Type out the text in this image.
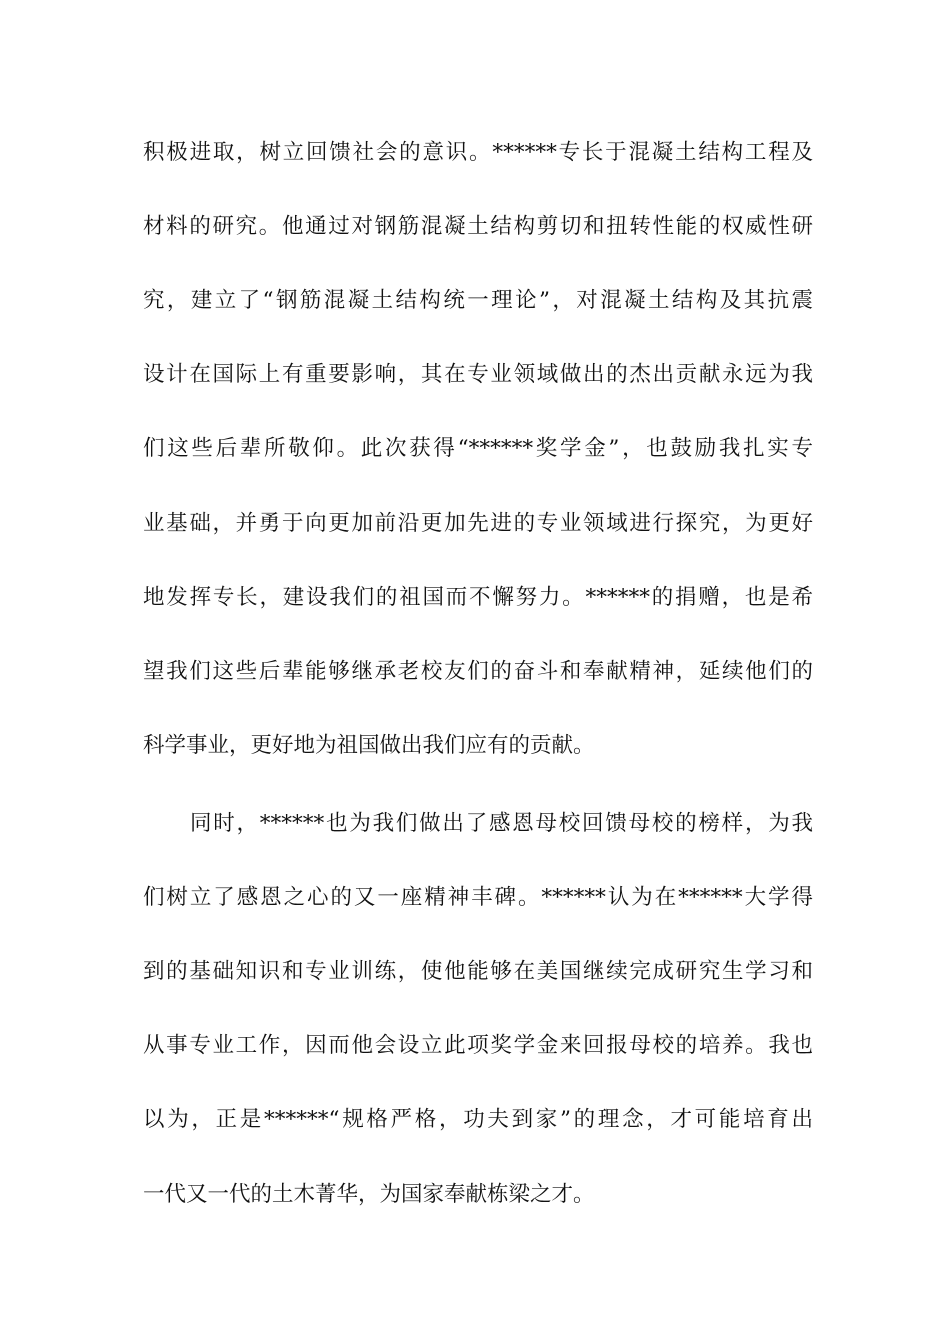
积极进取，树立回馈社会的意识。******专长于混凝土结构工程及
材料的研究。他通过对钢筋混凝土结构剪切和扭转性能的权威性研
究，建立了“钢筋混凝土结构统一理论”，对混凝土结构及其抗震
设计在国际上有重要影响，其在专业领域做出的杰出贡献永远为我
们这些后辈所敬仰。此次获得“******奖学金”，也鼓励我扎实专
业基础，并勇于向更加前沿更加先进的专业领域进行探究，为更好
地发挥专长，建设我们的祖国而不懈努力。******的捐赠，也是希
望我们这些后辈能够继承老校友们的奋斗和奉献精神，延续他们的
科学事业，更好地为祖国做出我们应有的贡献。
同时，******也为我们做出了感恩母校回馈母校的榜样，为我
们树立了感恩之心的又一座精神丰碑。******认为在******大学得
到的基础知识和专业训练，使他能够在美国继续完成研究生学习和
从事专业工作，因而他会设立此项奖学金来回报母校的培养。我也
以为，正是******“规格严格，功夫到家”的理念，才可能培育出
一代又一代的土木菁华，为国家奉献栋梁之才。
